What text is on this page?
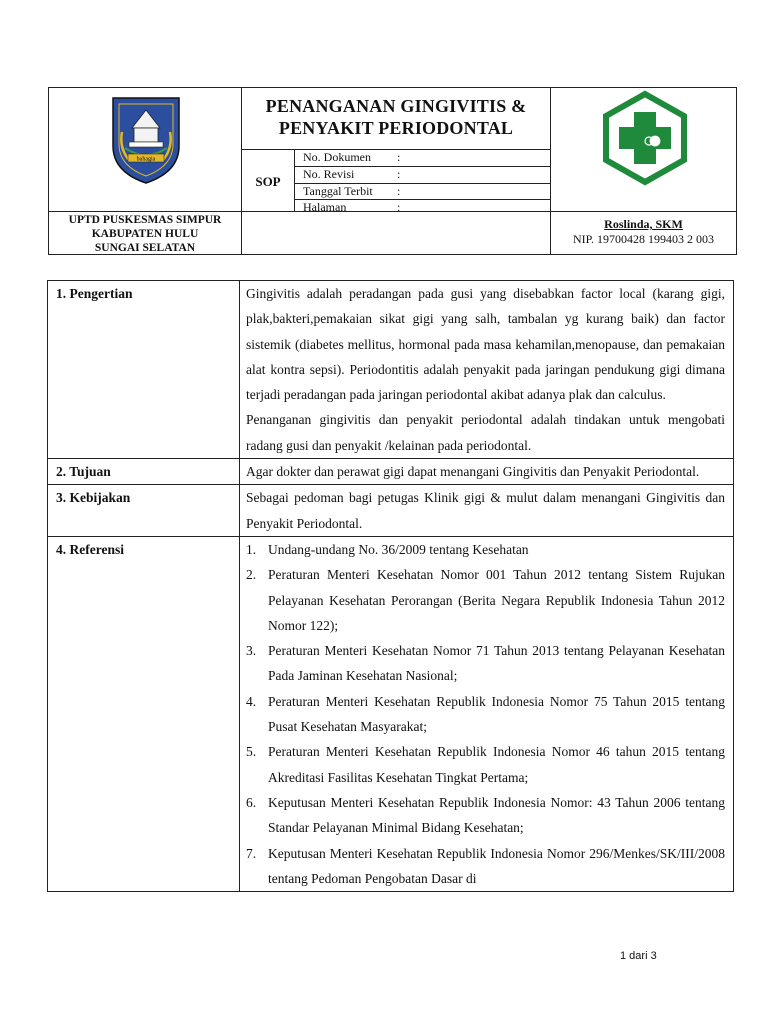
bahagia
PENANGANAN GINGIVITIS &
PENYAKIT PERIODONTAL
SOP
No. Dokumen	:
No. Revisi	:
Tanggal Terbit	:
Halaman	:
UPTD PUSKESMAS SIMPUR
KABUPATEN HULU
SUNGAI SELATAN
Roslinda, SKM
NIP. 19700428 199403 2 003
1. Pengertian	Gingivitis adalah peradangan pada gusi yang disebabkan factor local (karang gigi, plak,bakteri,pemakaian sikat gigi yang salh, tambalan yg kurang baik) dan factor sistemik (diabetes mellitus, hormonal pada masa kehamilan,menopause, dan pemakaian alat kontra sepsi). Periodontitis adalah penyakit pada jaringan pendukung gigi dimana terjadi peradangan pada jaringan periodontal akibat adanya plak dan calculus.

Penanganan gingivitis dan penyakit periodontal adalah tindakan untuk mengobati radang gusi dan penyakit /kelainan pada periodontal.

2. Tujuan	Agar dokter dan perawat gigi dapat menangani Gingivitis dan Penyakit Periodontal.

3. Kebijakan	Sebagai pedoman bagi petugas Klinik gigi & mulut dalam menangani Gingivitis dan Penyakit Periodontal.

4. Referensi	1. Undang-undang No. 36/2009 tentang Kesehatan
2. Peraturan Menteri Kesehatan Nomor 001 Tahun 2012 tentang Sistem Rujukan Pelayanan Kesehatan Perorangan (Berita Negara Republik Indonesia Tahun 2012 Nomor 122);
3. Peraturan Menteri Kesehatan Nomor 71 Tahun 2013 tentang Pelayanan Kesehatan Pada Jaminan Kesehatan Nasional;
4. Peraturan Menteri Kesehatan Republik Indonesia Nomor 75 Tahun 2015 tentang Pusat Kesehatan Masyarakat;
5. Peraturan Menteri Kesehatan Republik Indonesia Nomor 46 tahun 2015 tentang Akreditasi Fasilitas Kesehatan Tingkat Pertama;
6. Keputusan Menteri Kesehatan Republik Indonesia Nomor: 43 Tahun 2006 tentang Standar Pelayanan Minimal Bidang Kesehatan;
7. Keputusan Menteri Kesehatan Republik Indonesia Nomor 296/Menkes/SK/III/2008 tentang Pedoman Pengobatan Dasar di
1 dari 3
